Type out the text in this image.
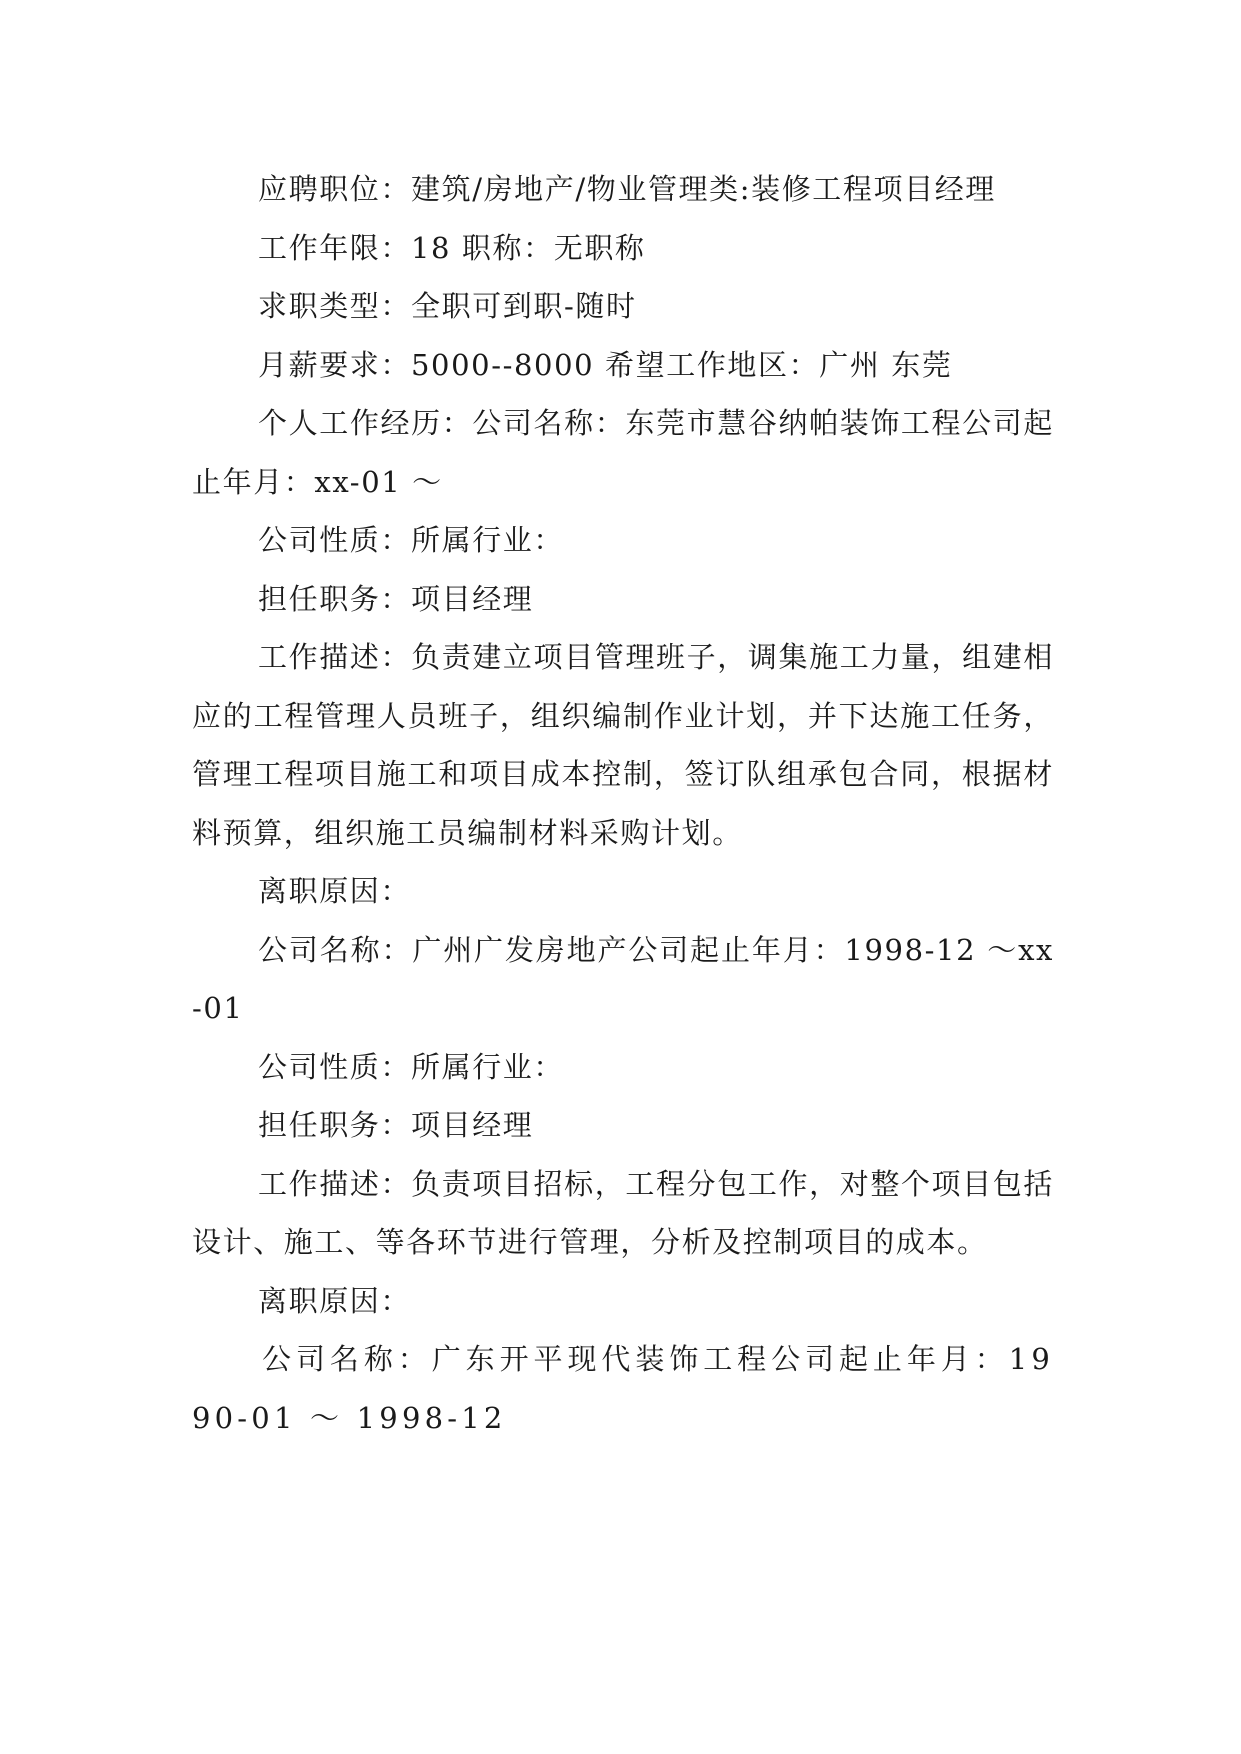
应聘职位：建筑/房地产/物业管理类:装修工程项目经理

工作年限：18 职称：无职称

求职类型：全职可到职-随时

月薪要求：5000--8000 希望工作地区：广州 东莞

个人工作经历：公司名称：东莞市慧谷纳帕装饰工程公司起止年月：xx-01 ～

公司性质：所属行业：

担任职务：项目经理

工作描述：负责建立项目管理班子，调集施工力量，组建相应的工程管理人员班子，组织编制作业计划，并下达施工任务，管理工程项目施工和项目成本控制，签订队组承包合同，根据材料预算，组织施工员编制材料采购计划。

离职原因：

公司名称：广州广发房地产公司起止年月：1998-12 ～xx-01

公司性质：所属行业：

担任职务：项目经理

工作描述：负责项目招标，工程分包工作，对整个项目包括设计、施工、等各环节进行管理，分析及控制项目的成本。

离职原因：

公司名称：广东开平现代装饰工程公司起止年月：1990-01 ～ 1998-12
